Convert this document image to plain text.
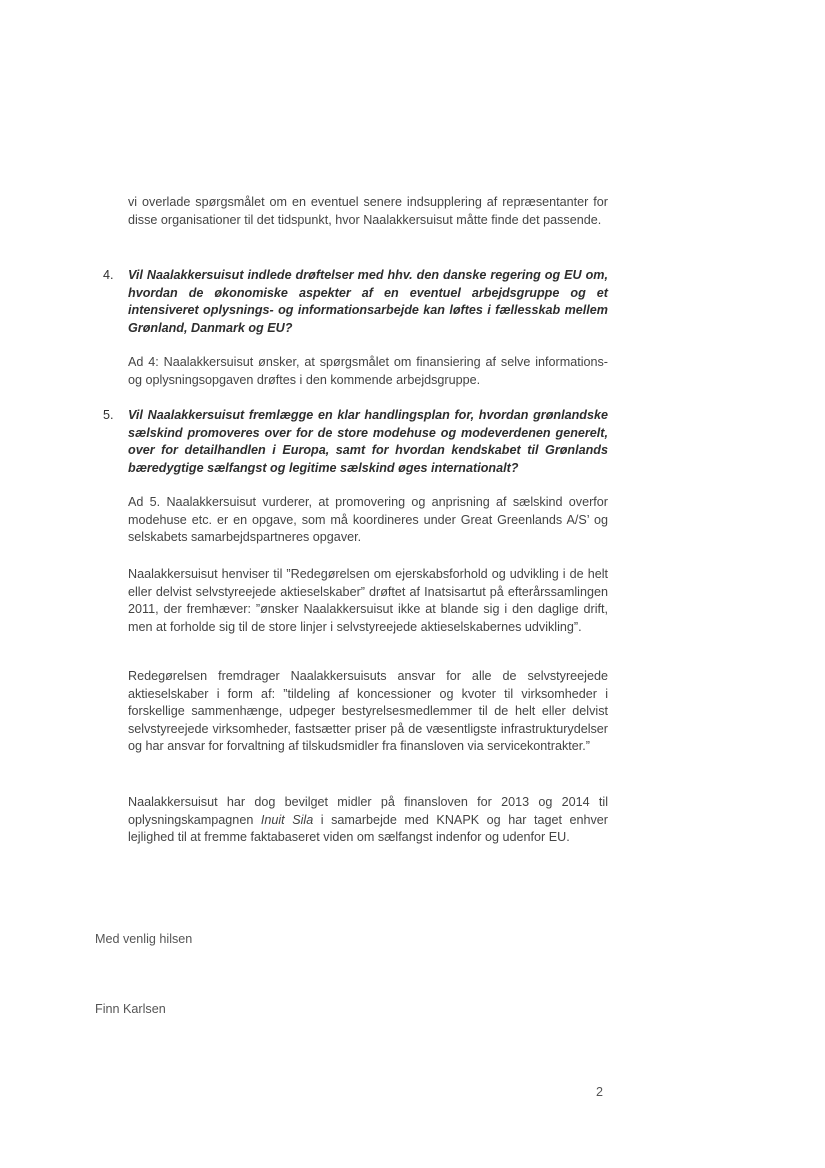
vi overlade spørgsmålet om en eventuel senere indsupplering af repræsentanter for disse organisationer til det tidspunkt, hvor Naalakkersuisut måtte finde det passende.

4. Vil Naalakkersuisut indlede drøftelser med hhv. den danske regering og EU om, hvordan de økonomiske aspekter af en eventuel arbejdsgruppe og et intensiveret oplysnings- og informationsarbejde kan løftes i fællesskab mellem Grønland, Danmark og EU?

Ad 4: Naalakkersuisut ønsker, at spørgsmålet om finansiering af selve informations- og oplysningsopgaven drøftes i den kommende arbejdsgruppe.

5. Vil Naalakkersuisut fremlægge en klar handlingsplan for, hvordan grønlandske sælskind promoveres over for de store modehuse og modeverdenen generelt, over for detailhandlen i Europa, samt for hvordan kendskabet til Grønlands bæredygtige sælfangst og legitime sælskind øges internationalt?

Ad 5. Naalakkersuisut vurderer, at promovering og anprisning af sælskind overfor modehuse etc. er en opgave, som må koordineres under Great Greenlands A/S’ og selskabets samarbejdspartneres opgaver.

Naalakkersuisut henviser til ”Redegørelsen om ejerskabsforhold og udvikling i de helt eller delvist selvstyreejede aktieselskaber” drøftet af Inatsisartut på efterårssamlingen 2011, der fremhæver: ”ønsker Naalakkersuisut ikke at blande sig i den daglige drift, men at forholde sig til de store linjer i selvstyreejede aktieselskabernes udvikling”.

Redegørelsen fremdrager Naalakkersuisuts ansvar for alle de selvstyreejede aktieselskaber i form af: ”tildeling af koncessioner og kvoter til virksomheder i forskellige sammenhænge, udpeger bestyrelsesmedlemmer til de helt eller delvist selvstyreejede virksomheder, fastsætter priser på de væsentligste infrastrukturydelser og har ansvar for forvaltning af tilskudsmidler fra finansloven via servicekontrakter.”

Naalakkersuisut har dog bevilget midler på finansloven for 2013 og 2014 til oplysningskampagnen Inuit Sila i samarbejde med KNAPK og har taget enhver lejlighed til at fremme faktabaseret viden om sælfangst indenfor og udenfor EU.

Med venlig hilsen

Finn Karlsen

2
